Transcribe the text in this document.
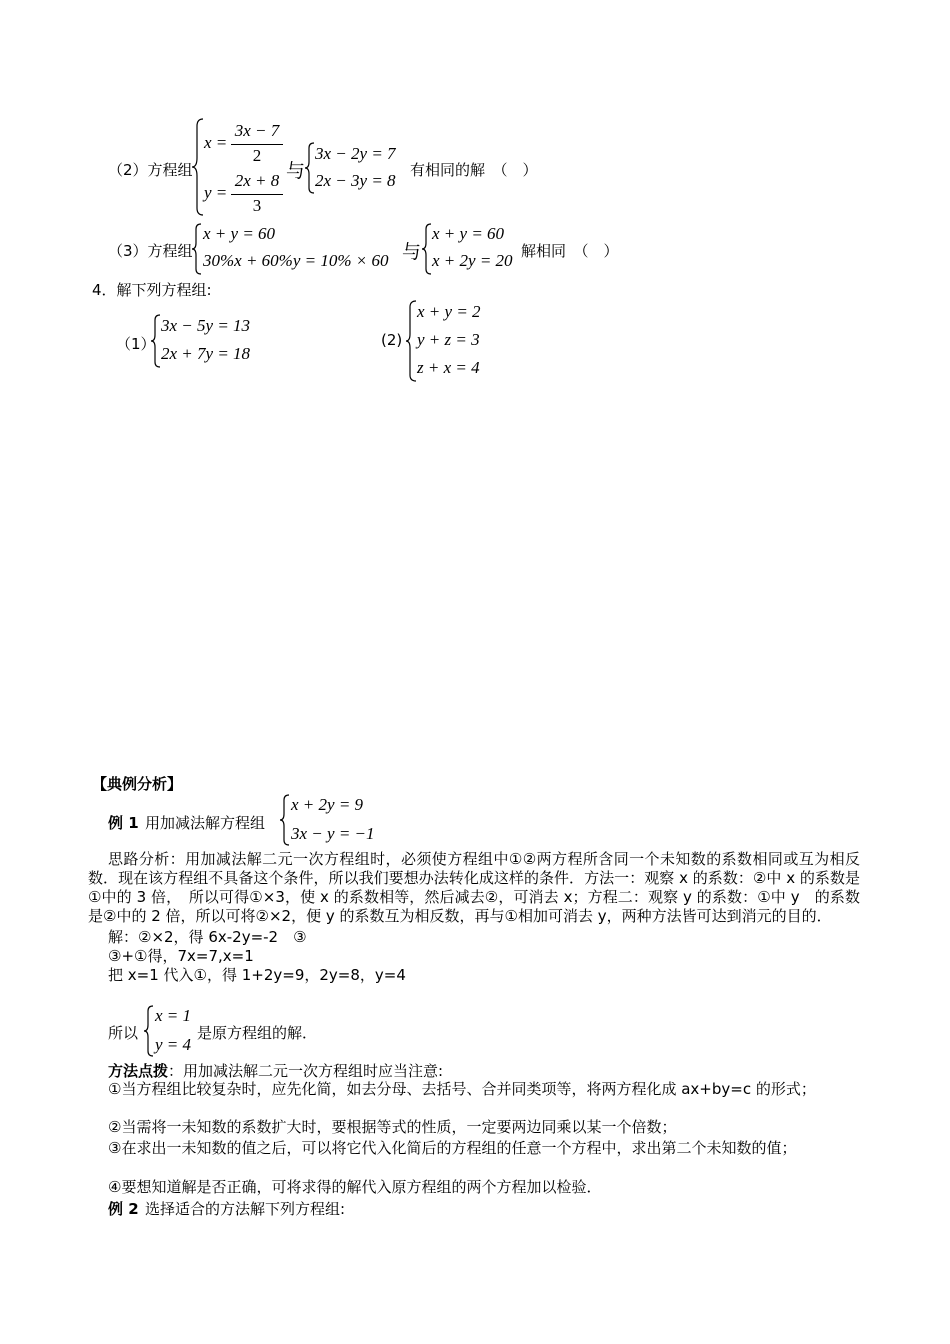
（2）方程组
x =
3x − 7
2
y =
2x + 8
3
与
3x − 2y = 7
2x − 3y = 8
有相同的解　（　）
（3）方程组
x + y = 60
30%x + 60%y = 10% × 60 与
x + y = 60
x + 2y = 20 解相同　（　）
4．解下列方程组:
（1）
3x − 5y = 13
2x + 7y = 18
(2)
x + y = 2
y + z = 3
z + x = 4
【典例分析】
例 1 用加减法解方程组
x + 2y = 9
3x − y = −1
思路分析：用加减法解二元一次方程组时，必须使方程组中①②两方程所含同一个未知数的系数相同或互为相反数．现在该方程组不具备这个条件，所以我们要想办法转化成这样的条件．方法一：观察 x 的系数：②中 x 的系数是①中的 3 倍，　所以可得①×3，使 x 的系数相等，然后减去②，可消去 x；方程二：观察 y 的系数：①中 y　的系数是②中的 2 倍，所以可将②×2，便 y 的系数互为相反数，再与①相加可消去 y，两种方法皆可达到消元的目的．
解：②×2，得 6x-2y=-2　③
③+①得，7x=7,x=1
把 x=1 代入①，得 1+2y=9，2y=8，y=4
所以
x = 1
y = 4
是原方程组的解．
方法点拨：用加减法解二元一次方程组时应当注意:
①当方程组比较复杂时，应先化简，如去分母、去括号、合并同类项等，将两方程化成 ax+by=c 的形式；
②当需将一未知数的系数扩大时，要根据等式的性质，一定要两边同乘以某一个倍数；
③在求出一未知数的值之后，可以将它代入化简后的方程组的任意一个方程中，求出第二个未知数的值；
④要想知道解是否正确，可将求得的解代入原方程组的两个方程加以检验．
例 2 选择适合的方法解下列方程组:
